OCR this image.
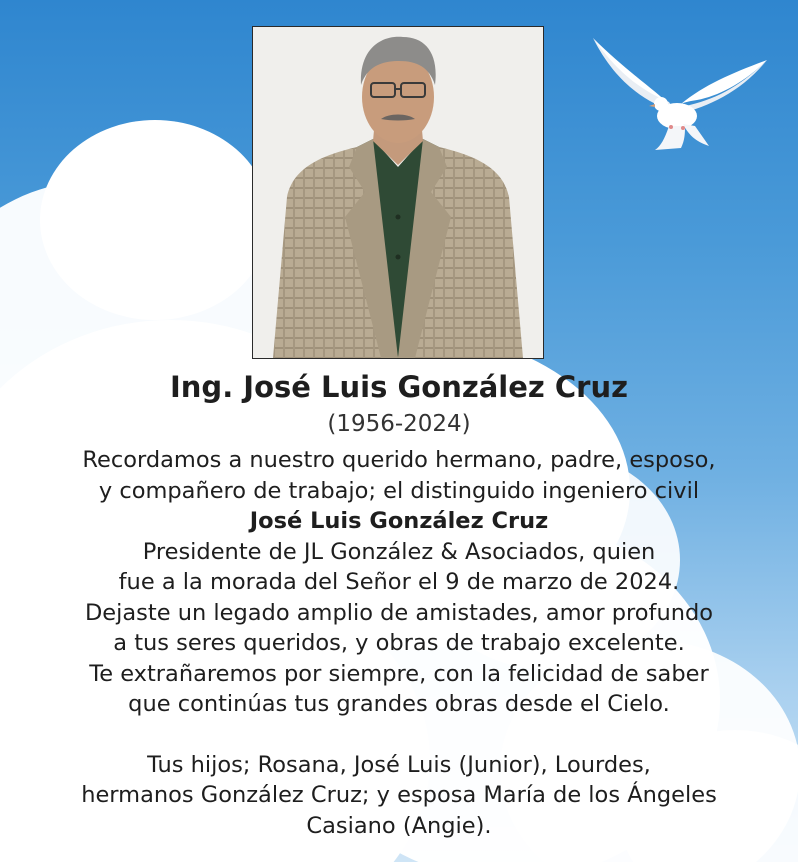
Ing. José Luis González Cruz
(1956-2024)
Recordamos a nuestro querido hermano, padre, esposo,
y compañero de trabajo; el distinguido ingeniero civil
José Luis González Cruz
Presidente de JL González & Asociados, quien
fue a la morada del Señor el 9 de marzo de 2024.
Dejaste un legado amplio de amistades, amor profundo
a tus seres queridos, y obras de trabajo excelente.
Te extrañaremos por siempre, con la felicidad de saber
que continúas tus grandes obras desde el Cielo.
Tus hijos; Rosana, José Luis (Junior), Lourdes,
hermanos González Cruz; y esposa María de los Ángeles
Casiano (Angie).
